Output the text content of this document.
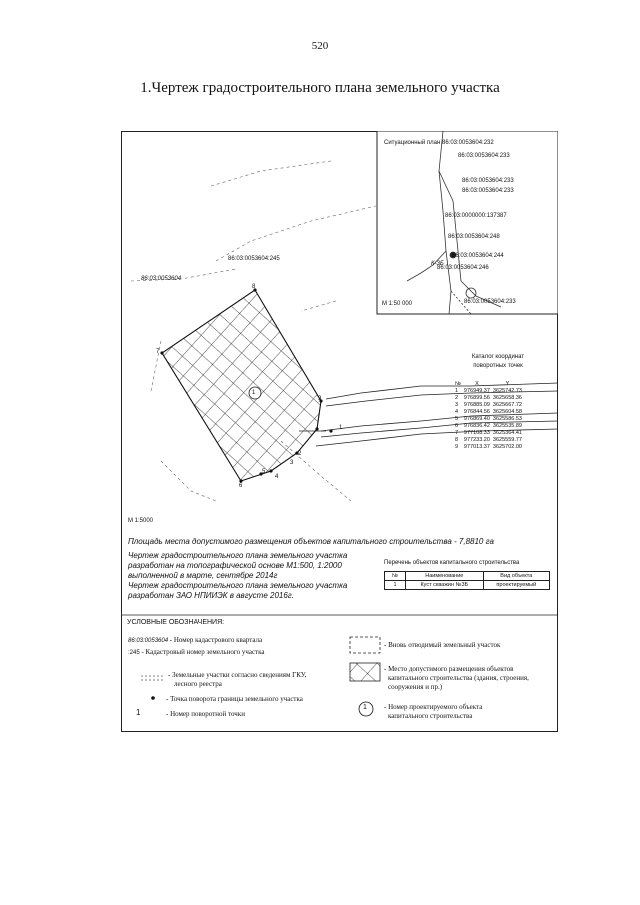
520
1.Чертеж градостроительного плана земельного участка
Ситуационный план 86:03:0053604:232
86:03:0053604:233
86:03:0053604:233
86:03:0053604:233
86:03:0000000:137387
86:03:0053604:248
86:03:0053604:244
86:03:0053604:246
86:03:0053604:233
К-3Б
М 1:50 000
86:03:0053604:245
86:03:0053604
8
7
9
1
2
3
4
5
6
1
М 1:5000
Каталог координат
поворотных точек
№	X	Y
1	976949.37	3625742.73
2	976899.56	3625658.36
3	976885.09	3625667.72
4	976844.56	3625604.58
5	976869.40	3625586.53
6	976836.42	3625535.89
7	977108.33	3625364.41
8	977233.20	3625559.77
9	977013.37	3625702.00
Площадь места допустимого размещения объектов капитального строительства - 7,8810 га
Чертеж градостроительного плана земельного участка
разработан на топографической основе М1:500, 1:2000
выполненной в марте, сентябре 2014г
Чертеж градостроительного плана земельного участка
разработан ЗАО НПИИЭК в августе 2016г.
Перечень объектов капитального строительства
№	Наименование	Вид объекта
1	Куст скважин №3Б	проектируемый
УСЛОВНЫЕ ОБОЗНАЧЕНИЯ:
86:03:0053604 - Номер кадастрового квартала
:245 - Кадастровый номер земельного участка
- Земельные участки согласно сведениям ГКУ,
лесного реестра
- Точка поворота границы земельного участка
1	- Номер поворотной точки
- Вновь отводимый земельный участок
- Место допустимого размещения объектов
капитального строительства (здания, строения,
сооружения и пр.)
1 - Номер проектируемого объекта
капитального строительства
